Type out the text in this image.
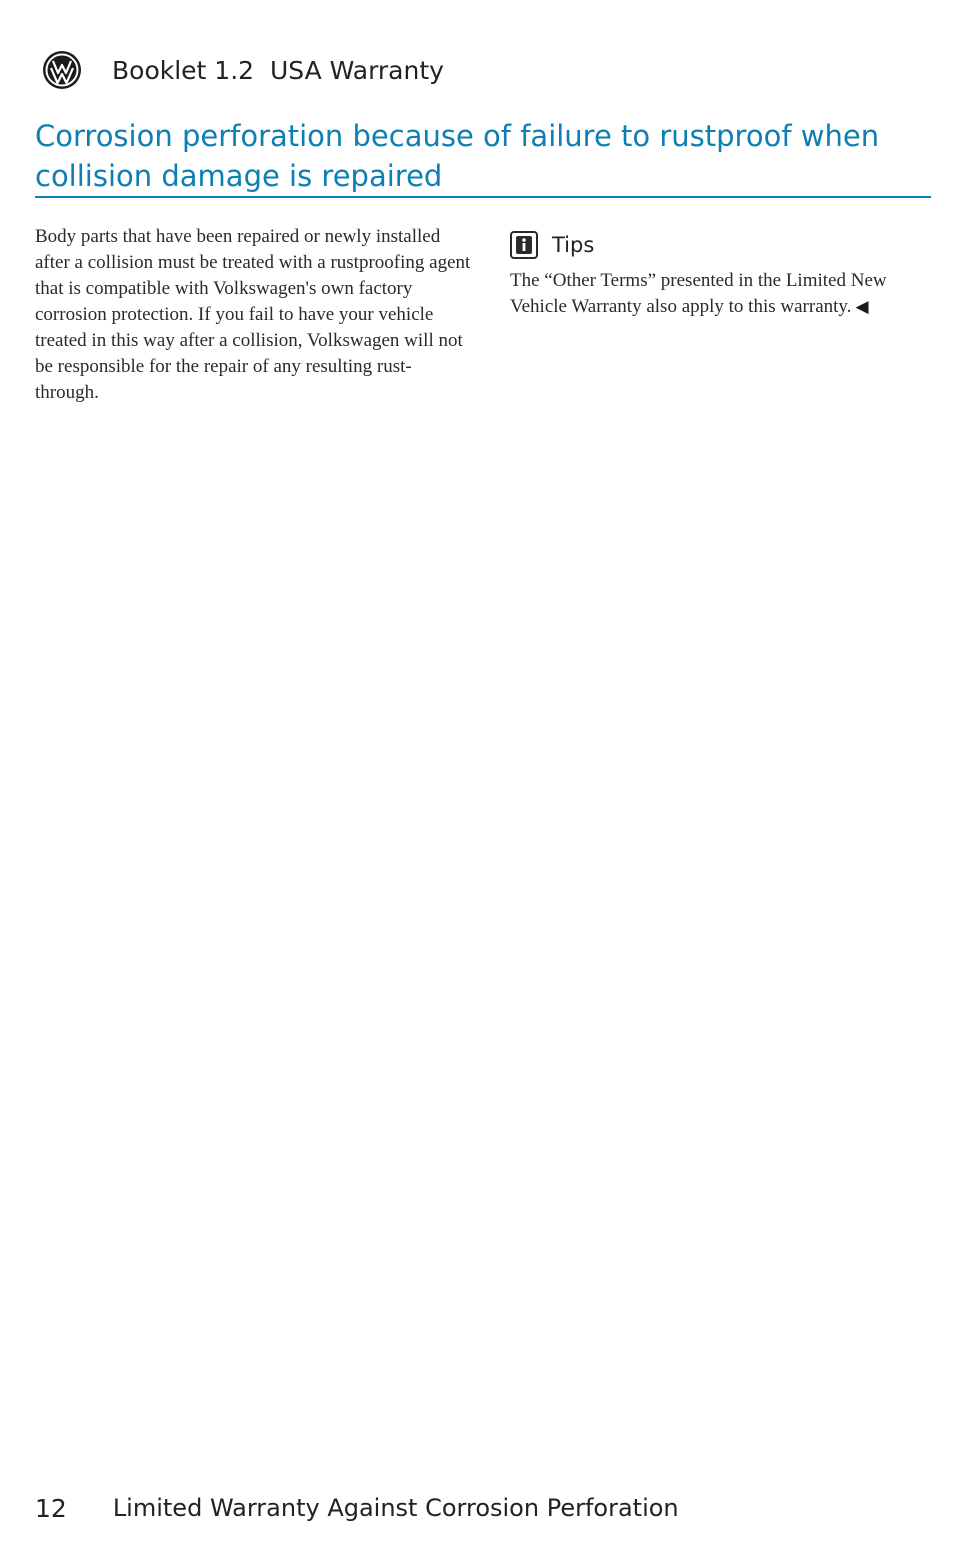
Booklet 1.2  USA Warranty
Corrosion perforation because of failure to rustproof when collision damage is repaired

Body parts that have been repaired or newly installed after a collision must be treated with a rustproofing agent that is compatible with Volkswagen's own factory corrosion protection. If you fail to have your vehicle treated in this way after a collision, Volkswagen will not be responsible for the repair of any resulting rust-through.

Tips

The “Other Terms” presented in the Limited New Vehicle Warranty also apply to this warranty. ◀

12 Limited Warranty Against Corrosion Perforation
